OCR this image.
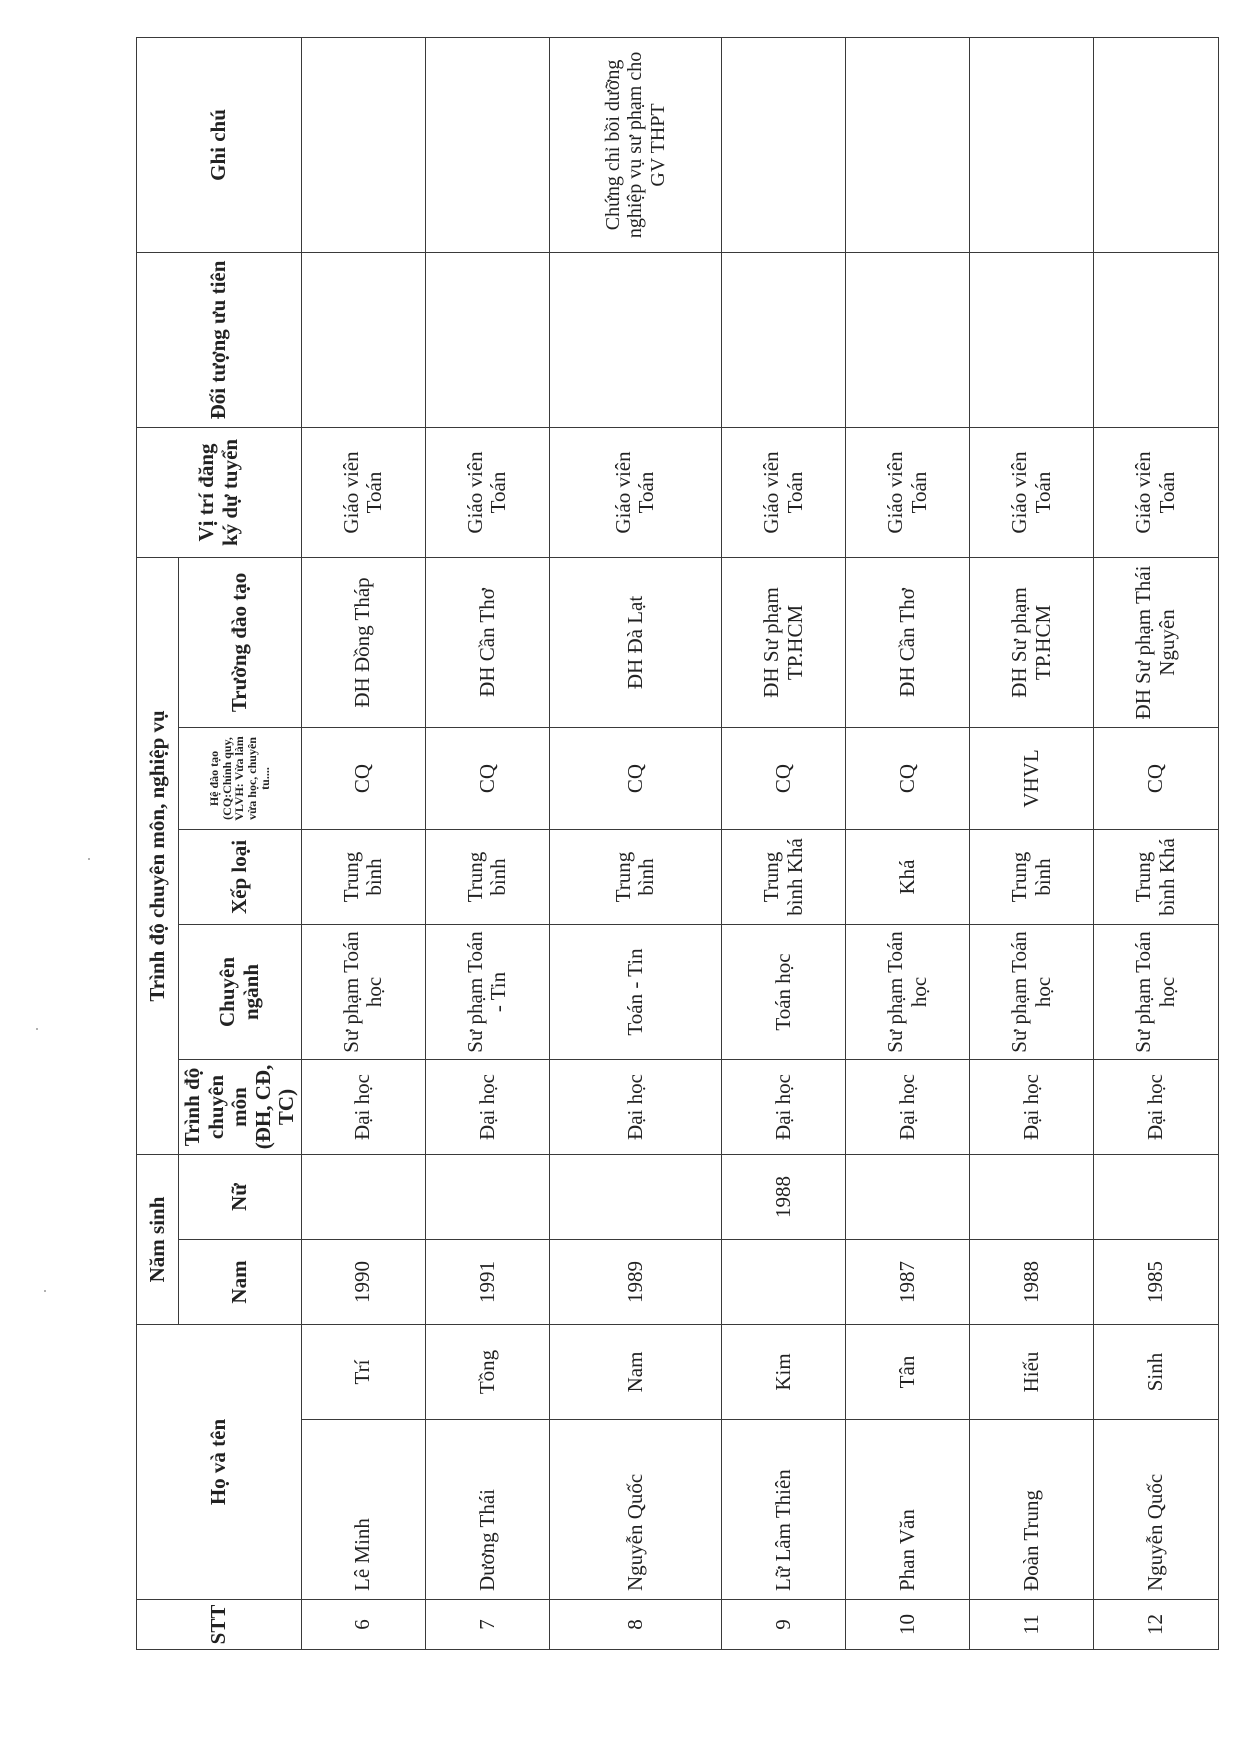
STT	Họ và tên		Năm sinh		Trình độ chuyên môn, nghiệp vụ					Vị trí đăng ký dự tuyển	Đối tượng ưu tiên	Ghi chú
			Nam	Nữ	Trình độ chuyên môn (ĐH, CĐ, TC)	Chuyên ngành	Xếp loại	Hệ đào tạo (CQ:Chính quy, VLVH: Vừa làm vừa học, chuyên tu....	Trường đào tạo			

6	Lê Minh	Trí	1990		Đại học	Sư phạm Toán học	Trung bình	CQ	ĐH Đồng Tháp	Giáo viên Toán		
7	Dương Thái	Tồng	1991		Đại học	Sư phạm Toán - Tin	Trung bình	CQ	ĐH Cần Thơ	Giáo viên Toán		
8	Nguyễn Quốc	Nam	1989		Đại học	Toán - Tin	Trung bình	CQ	ĐH Đà Lạt	Giáo viên Toán		Chứng chỉ bồi dưỡng nghiệp vụ sư phạm cho GV THPT
9	Lữ Lâm Thiên	Kim		1988	Đại học	Toán học	Trung bình Khá	CQ	ĐH Sư phạm TP.HCM	Giáo viên Toán		
10	Phan Văn	Tân	1987		Đại học	Sư phạm Toán học	Khá	CQ	ĐH Cần Thơ	Giáo viên Toán		
11	Đoàn Trung	Hiếu	1988		Đại học	Sư phạm Toán học	Trung bình	VHVL	ĐH Sư phạm TP.HCM	Giáo viên Toán		
12	Nguyễn Quốc	Sinh	1985		Đại học	Sư phạm Toán học	Trung bình Khá	CQ	ĐH Sư phạm Thái Nguyên	Giáo viên Toán		
